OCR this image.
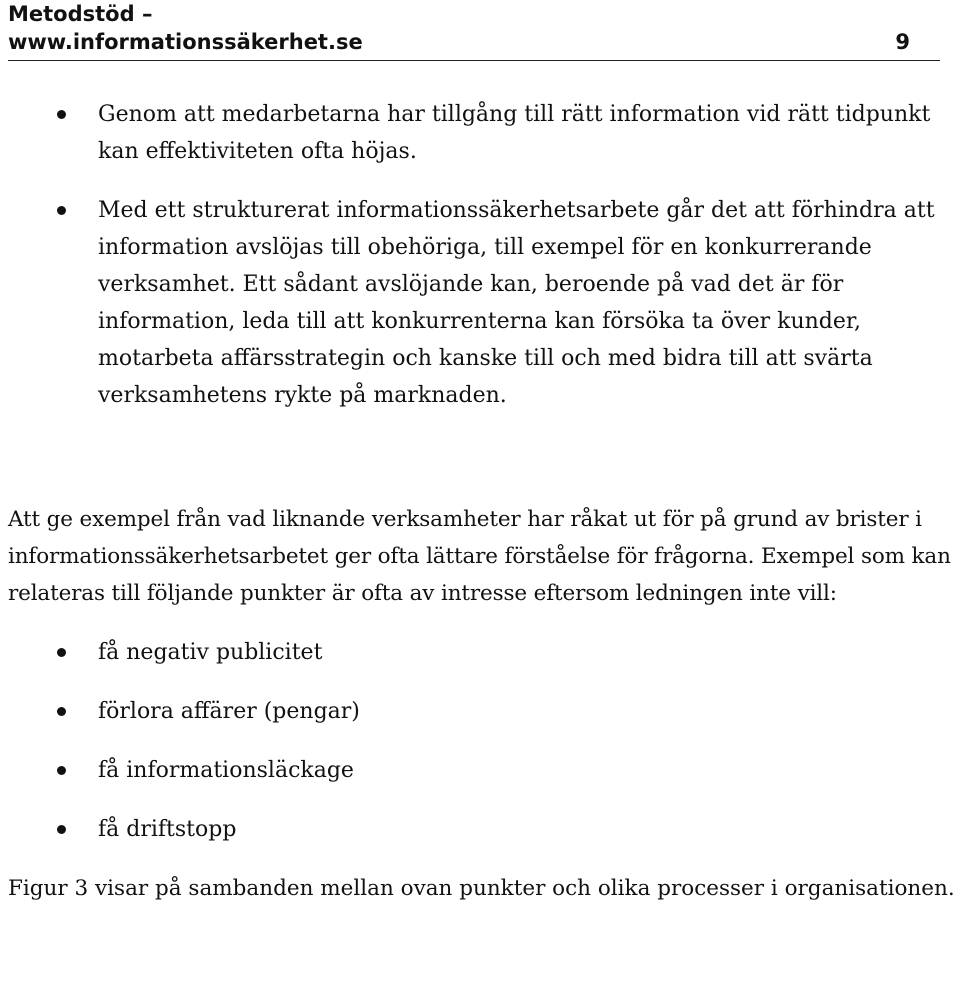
Metodstöd –
www.informationssäkerhet.se	9
Genom att medarbetarna har tillgång till rätt information vid rätt tidpunkt kan effektiviteten ofta höjas.
Med ett strukturerat informationssäkerhetsarbete går det att förhindra att information avslöjas till obehöriga, till exempel för en konkurrerande verksamhet. Ett sådant avslöjande kan, beroende på vad det är för information, leda till att konkurrenterna kan försöka ta över kunder, motarbeta affärsstrategin och kanske till och med bidra till att svärta verksamhetens rykte på marknaden.

Att ge exempel från vad liknande verksamheter har råkat ut för på grund av brister i informationssäkerhetsarbetet ger ofta lättare förståelse för frågorna. Exempel som kan relateras till följande punkter är ofta av intresse eftersom ledningen inte vill:

få negativ publicitet
förlora affärer (pengar)
få informationsläckage
få driftstopp

Figur 3 visar på sambanden mellan ovan punkter och olika processer i organisationen.
